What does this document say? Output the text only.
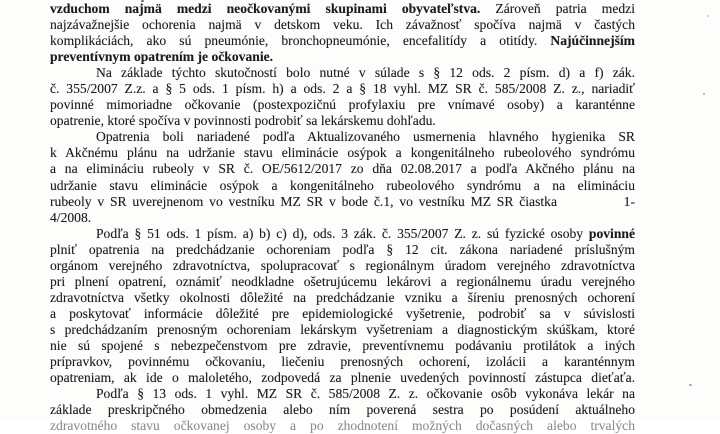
vzduchom najmä medzi neočkovanými skupinami obyvateľstva. Zároveň patria medzi
najzávažnejšie ochorenia najmä v detskom veku. Ich závažnosť spočíva najmä v častých
komplikáciách, ako sú pneumónie, bronchopneumónie, encefalitídy a otitídy. Najúčinnejším
preventívnym opatrením je očkovanie.
Na základe týchto skutočností bolo nutné v súlade s § 12 ods. 2 písm. d) a f) zák.
č. 355/2007 Z.z. a § 5 ods. 1 písm. h) a ods. 2 a § 18 vyhl. MZ SR č. 585/2008 Z. z., nariadiť
povinné mimoriadne očkovanie (postexpozičnú profylaxiu pre vnímavé osoby) a karanténne
opatrenie, ktoré spočíva v povinnosti podrobiť sa lekárskemu dohľadu.
Opatrenia boli nariadené podľa Aktualizovaného usmernenia hlavného hygienika SR
k Akčnému plánu na udržanie stavu eliminácie osýpok a kongenitálneho rubeolového syndrómu
a na elimináciu rubeoly v SR č. OE/5612/2017 zo dňa 02.08.2017 a podľa Akčného plánu na
udržanie stavu eliminácie osýpok a kongenitálneho rubeolového syndrómu a na elimináciu
rubeoly v SR uverejnenom vo vestníku MZ SR v bode č.1, vo vestníku MZ SR čiastka	1-
4/2008.
Podľa § 51 ods. 1 písm. a) b) c) d), ods. 3 zák. č. 355/2007 Z. z. sú fyzické osoby povinné
plniť opatrenia na predchádzanie ochoreniam podľa § 12 cit. zákona nariadené príslušným
orgánom verejného zdravotníctva, spolupracovať s regionálnym úradom verejného zdravotníctva
pri plnení opatrení, oznámiť neodkladne ošetrujúcemu lekárovi a regionálnemu úradu verejného
zdravotníctva všetky okolnosti dôležité na predchádzanie vzniku a šíreniu prenosných ochorení
a poskytovať informácie dôležité pre epidemiologické vyšetrenie, podrobiť sa v súvislosti
s predchádzaním prenosným ochoreniam lekárskym vyšetreniam a diagnostickým skúškam, ktoré
nie sú spojené s nebezpečenstvom pre zdravie, preventívnemu podávaniu protilátok a iných
prípravkov, povinnému očkovaniu, liečeniu prenosných ochorení, izolácii a karanténnym
opatreniam, ak ide o maloletého, zodpovedá za plnenie uvedených povinností zástupca dieťaťa.
Podľa § 13 ods. 1 vyhl. MZ SR č. 585/2008 Z. z. očkovanie osôb vykonáva lekár na
základe preskripčného obmedzenia alebo ním poverená sestra po posúdení aktuálneho
zdravotného stavu očkovanej osoby a po zhodnotení možných dočasných alebo trvalých
